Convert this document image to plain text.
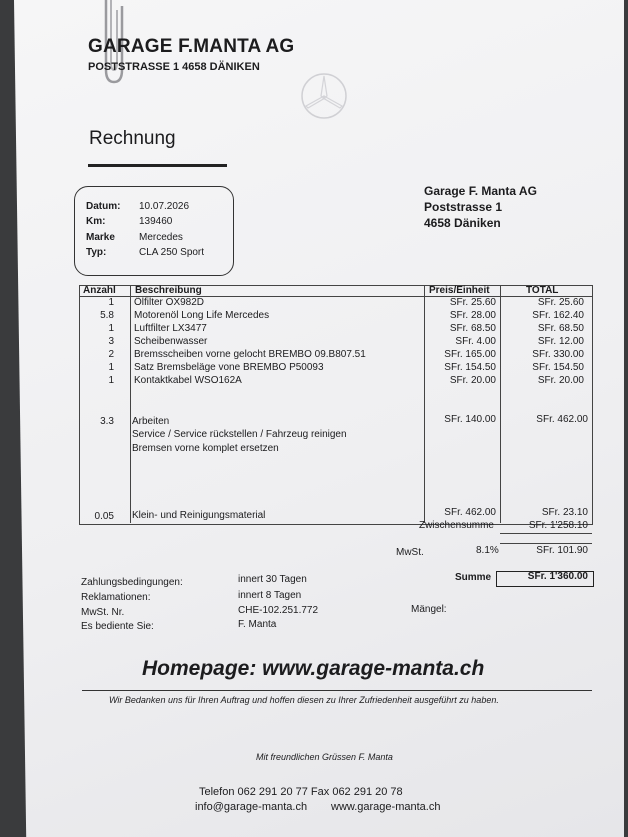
GARAGE F.MANTA AG
POSTSTRASSE 1 4658 DÄNIKEN
Rechnung
Datum: 10.07.2026
Km:	139460
Marke Mercedes
Typ:	CLA 250 Sport
Garage F. Manta AG
Poststrasse 1
4658 Däniken
Anzahl Beschreibung	Preis/Einheit	TOTAL
1 Ölfilter OX982D	SFr. 25.60	SFr. 25.60
5.8 Motorenöl Long Life Mercedes	SFr. 28.00	SFr. 162.40
1 Luftfilter LX3477	SFr. 68.50	SFr. 68.50
3 Scheibenwasser	SFr. 4.00	SFr. 12.00
2 Bremsscheiben vorne gelocht BREMBO 09.B807.51	SFr. 165.00	SFr. 330.00
1 Satz Bremsbeläge vone BREMBO P50093	SFr. 154.50	SFr. 154.50
1 Kontaktkabel WSO162A	SFr. 20.00	SFr. 20.00
3.3 Arbeiten
Service / Service rückstellen / Fahrzeug reinigen
Bremsen vorne komplet ersetzen
SFr. 140.00	SFr. 462.00
0.05 Klein- und Reinigungsmaterial	SFr. 462.00	SFr. 23.10
Zwischensumme	SFr. 1'258.10
MwSt.	8.1%	SFr. 101.90
Summe	SFr. 1'360.00
Zahlungsbedingungen:	innert 30 Tagen
Reklamationen:	innert 8 Tagen
MwSt. Nr.	CHE-102.251.772
Es bediente Sie:	F. Manta
Mängel:
Homepage: www.garage-manta.ch
Wir Bedanken uns für Ihren Auftrag und hoffen diesen zu Ihrer Zufriedenheit ausgeführt zu haben.
Mit freundlichen Grüssen F. Manta
Telefon 062 291 20 77 Fax 062 291 20 78
info@garage-manta.ch www.garage-manta.ch
